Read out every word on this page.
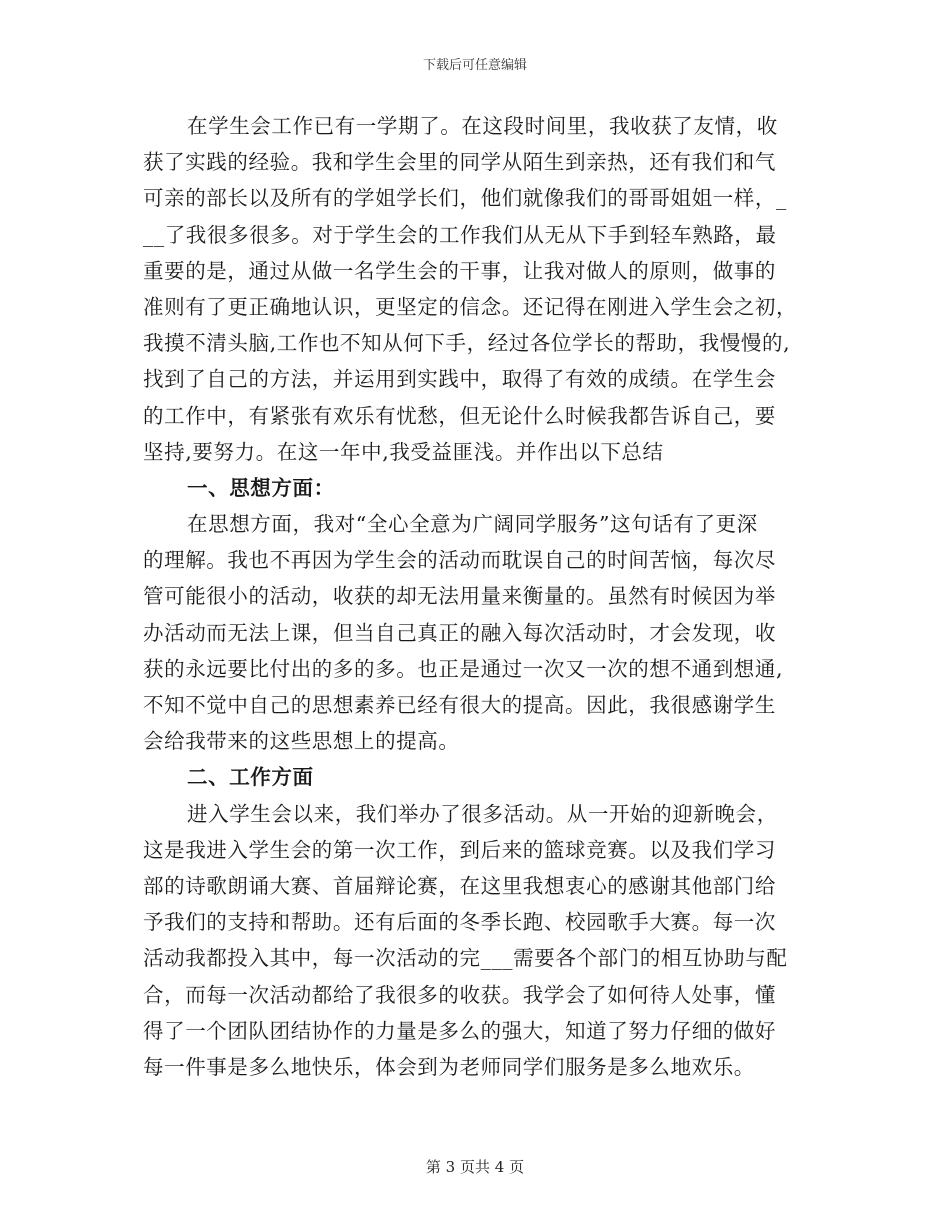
下载后可任意编辑
在学生会工作已有一学期了。在这段时间里，我收获了友情，收
获了实践的经验。我和学生会里的同学从陌生到亲热，还有我们和气
可亲的部长以及所有的学姐学长们，他们就像我们的哥哥姐姐一样，_
__了我很多很多。对于学生会的工作我们从无从下手到轻车熟路，最
重要的是，通过从做一名学生会的干事，让我对做人的原则，做事的
准则有了更正确地认识，更坚定的信念。还记得在刚进入学生会之初，
我摸不清头脑,工作也不知从何下手，经过各位学长的帮助，我慢慢的,
找到了自己的方法，并运用到实践中，取得了有效的成绩。在学生会
的工作中，有紧张有欢乐有忧愁，但无论什么时候我都告诉自己，要
坚持,要努力。在这一年中,我受益匪浅。并作出以下总结
一、思想方面：
在思想方面，我对“全心全意为广阔同学服务”这句话有了更深
的理解。我也不再因为学生会的活动而耽误自己的时间苦恼，每次尽
管可能很小的活动，收获的却无法用量来衡量的。虽然有时候因为举
办活动而无法上课，但当自己真正的融入每次活动时，才会发现，收
获的永远要比付出的多的多。也正是通过一次又一次的想不通到想通,
不知不觉中自己的思想素养已经有很大的提高。因此，我很感谢学生
会给我带来的这些思想上的提高。
二、工作方面
进入学生会以来，我们举办了很多活动。从一开始的迎新晚会，
这是我进入学生会的第一次工作，到后来的篮球竞赛。以及我们学习
部的诗歌朗诵大赛、首届辩论赛，在这里我想衷心的感谢其他部门给
予我们的支持和帮助。还有后面的冬季长跑、校园歌手大赛。每一次
活动我都投入其中，每一次活动的完___需要各个部门的相互协助与配
合，而每一次活动都给了我很多的收获。我学会了如何待人处事，懂
得了一个团队团结协作的力量是多么的强大，知道了努力仔细的做好
每一件事是多么地快乐，体会到为老师同学们服务是多么地欢乐。
第 3 页共 4 页
